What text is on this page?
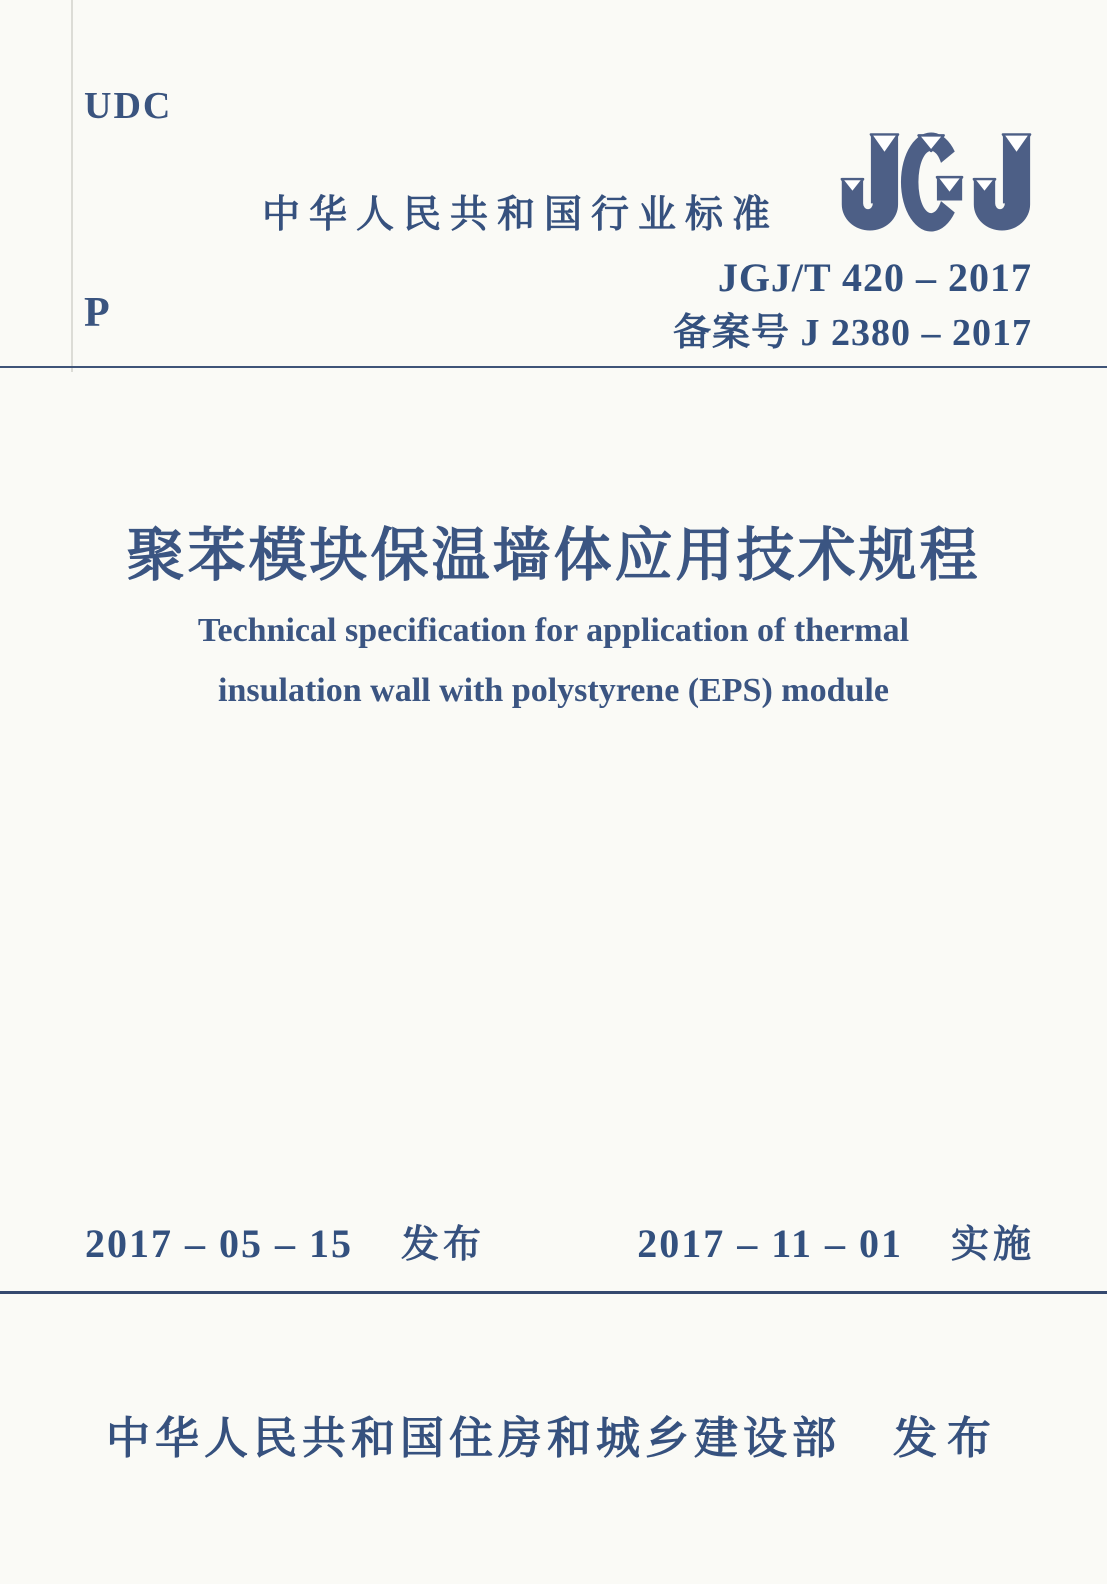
UDC
中华人民共和国行业标准
JGJ/T 420 – 2017
备案号 J 2380 – 2017
P
聚苯模块保温墙体应用技术规程
Technical specification for application of thermal
insulation wall with polystyrene (EPS) module
2017 – 05 – 15 发布	2017 – 11 – 01 实施
中华人民共和国住房和城乡建设部 发布
